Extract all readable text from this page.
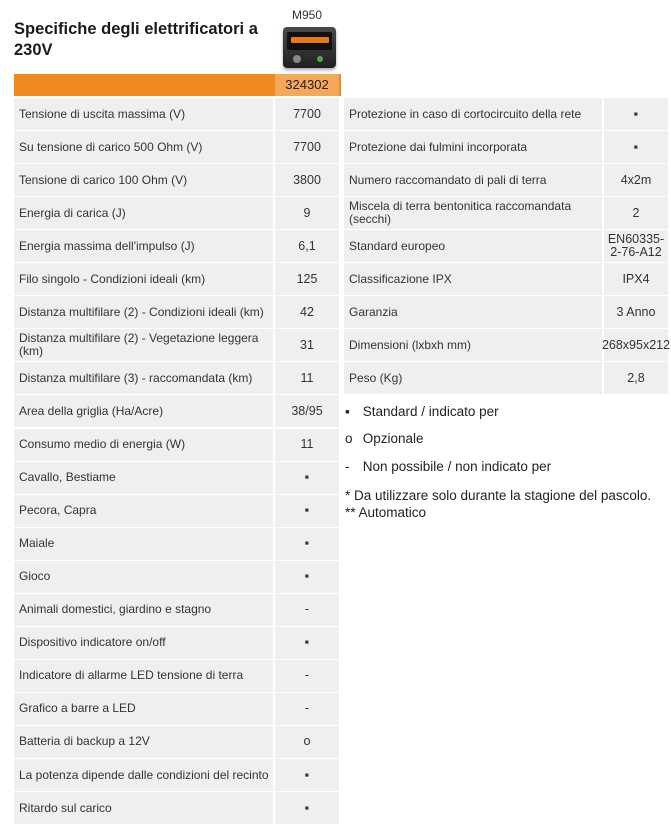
Specifiche degli elettrificatori a 230V
M950
324302
Tensione di uscita massima (V)	7700
Su tensione di carico 500 Ohm (V)	7700
Tensione di carico 100 Ohm (V)	3800
Energia di carica (J)	9
Energia massima dell'impulso (J)	6,1
Filo singolo - Condizioni ideali (km)	125
Distanza multifilare (2) - Condizioni ideali (km)	42
Distanza multifilare (2) - Vegetazione leggera (km)	31
Distanza multifilare (3) - raccomandata (km)	11
Area della griglia (Ha/Acre)	38/95
Consumo medio di energia (W)	11
Cavallo, Bestiame	▪
Pecora, Capra	▪
Maiale	▪
Gioco	▪
Animali domestici, giardino e stagno	-
Dispositivo indicatore on/off	▪
Indicatore di allarme LED tensione di terra	-
Grafico a barre a LED	-
Batteria di backup a 12V	o
La potenza dipende dalle condizioni del recinto	▪
Ritardo sul carico	▪
Protezione in caso di cortocircuito della rete	▪
Protezione dai fulmini incorporata	▪
Numero raccomandato di pali di terra	4x2m
Miscela di terra bentonitica raccomandata (secchi)	2
Standard europeo	EN60335-2-76-A12
Classificazione IPX	IPX4
Garanzia	3 Anno
Dimensioni (lxbxh mm)	268x95x212
Peso (Kg)	2,8
▪ Standard / indicato per
o Opzionale
- Non possibile / non indicato per
* Da utilizzare solo durante la stagione del pascolo.
** Automatico
